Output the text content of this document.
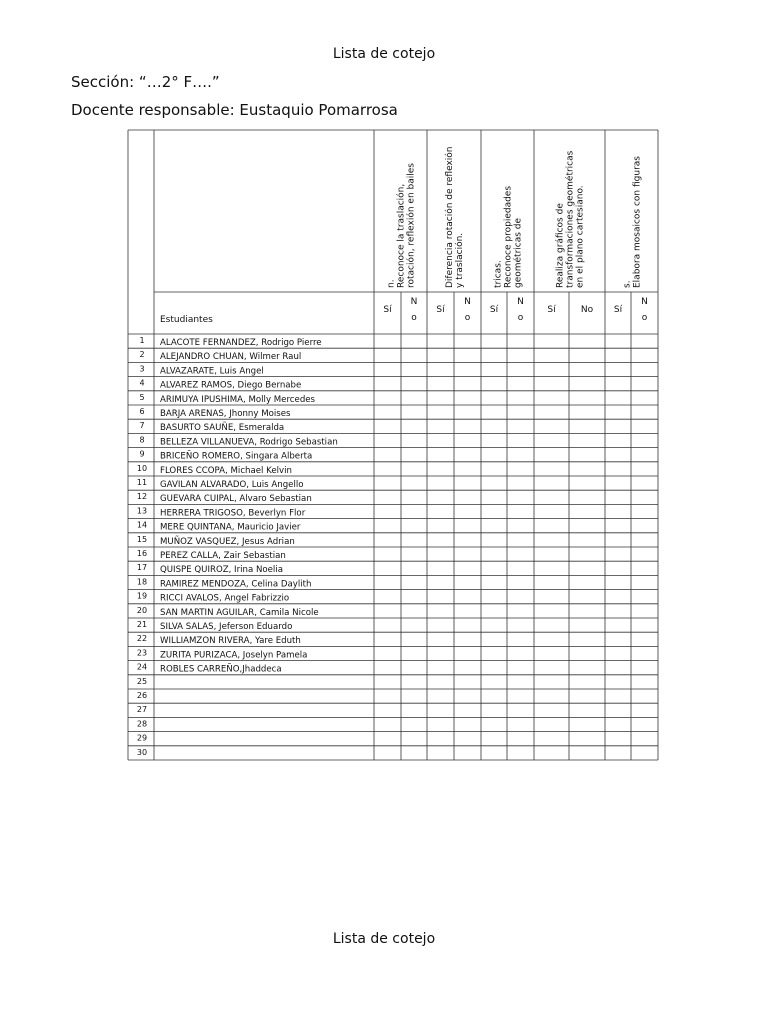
Lista de cotejo
Sección: “…2° F….”
Docente responsable: Eustaquio Pomarrosa
Estudiantes
n. Reconoce la traslación, rotación, reflexión en bailes
Sí
N
o
Diferencia rotación de reflexión y traslación.
Sí
N
o
tricas. Reconoce propiedades geométricas de
Sí
N
o
Realiza gráficos de transformaciones geométricas en el plano cartesiano.
Sí	No
s. Elabora mosaicos con figuras
Sí
N
o
1 ALACOTE FERNANDEZ, Rodrigo Pierre
2 ALEJANDRO CHUAN, Wilmer Raul
3 ALVAZARATE, Luis Angel
4 ALVAREZ RAMOS, Diego Bernabe
5 ARIMUYA IPUSHIMA, Molly Mercedes
6 BARJA ARENAS, Jhonny Moises
7 BASURTO SAUÑE, Esmeralda
8 BELLEZA VILLANUEVA, Rodrigo Sebastian
9 BRICEÑO ROMERO, Singara Alberta
10 FLORES CCOPA, Michael Kelvin
11 GAVILAN ALVARADO, Luis Angello
12 GUEVARA CUIPAL, Alvaro Sebastian
13 HERRERA TRIGOSO, Beverlyn Flor
14 MERE QUINTANA, Mauricio Javier
15 MUÑOZ VASQUEZ, Jesus Adrian
16 PEREZ CALLA, Zair Sebastian
17 QUISPE QUIROZ, Irina Noelia
18 RAMIREZ MENDOZA, Celina Daylith
19 RICCI AVALOS, Angel Fabrizzio
20 SAN MARTIN AGUILAR, Camila Nicole
21 SILVA SALAS, Jeferson Eduardo
22 WILLIAMZON RIVERA, Yare Eduth
23 ZURITA PURIZACA, Joselyn Pamela
24 ROBLES CARREÑO,Jhaddeca
25
26
27
28
29
30
Lista de cotejo
